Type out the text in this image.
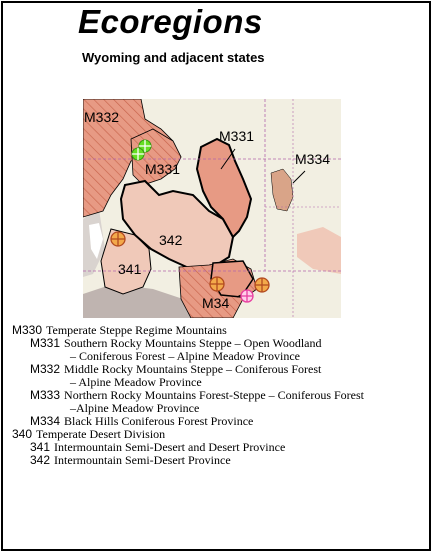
Ecoregions
Wyoming and adjacent states
M332
M331
M331
M334
342
341
M34
M330 Temperate Steppe Regime Mountains
M331 Southern Rocky Mountains Steppe – Open Woodland
– Coniferous Forest – Alpine Meadow Province
M332 Middle Rocky Mountains Steppe – Coniferous Forest
– Alpine Meadow Province
M333 Northern Rocky Mountains Forest-Steppe – Coniferous Forest
–Alpine Meadow Province
M334 Black Hills Coniferous Forest Province
340 Temperate Desert Division
341 Intermountain Semi-Desert and Desert Province
342 Intermountain Semi-Desert Province
